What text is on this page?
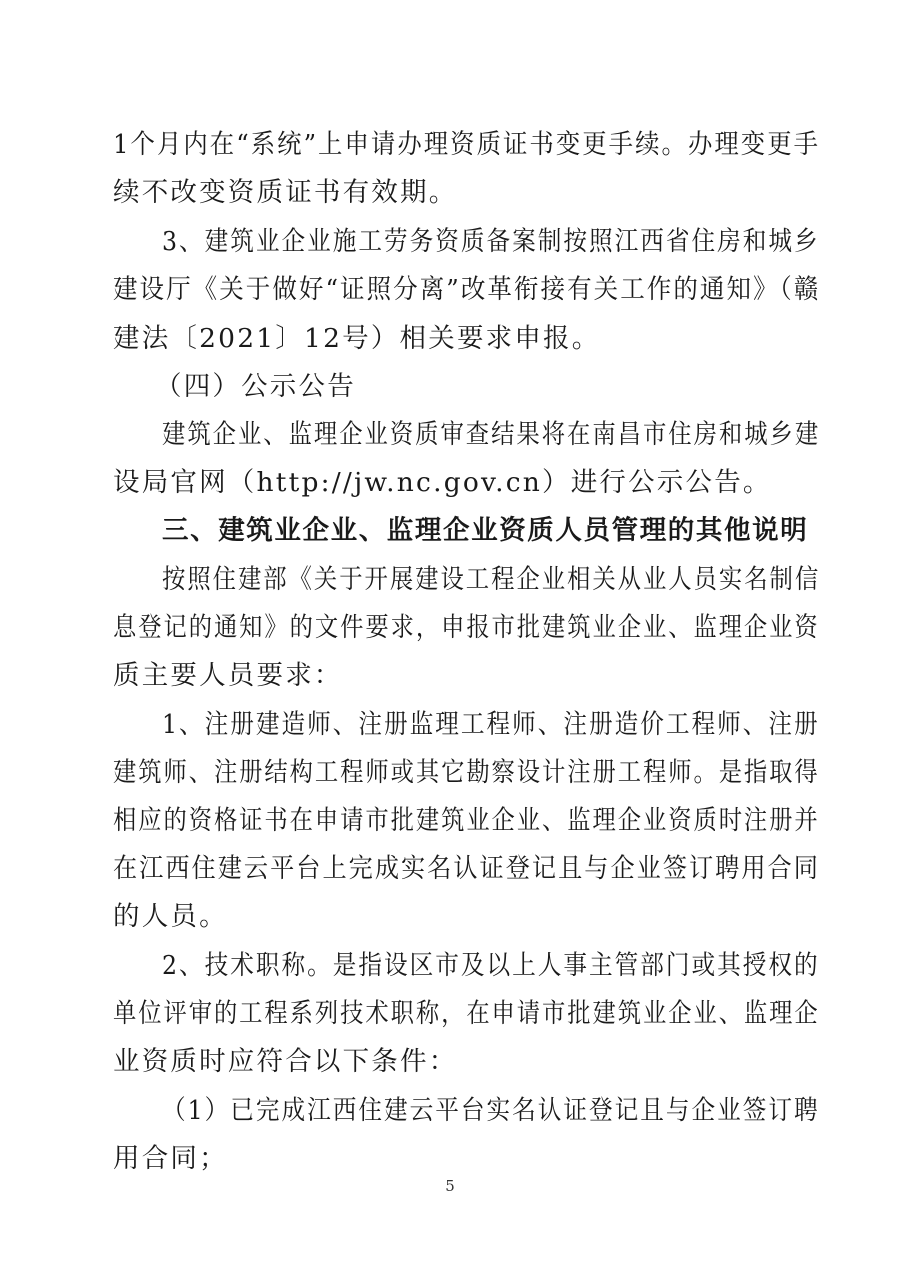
1个月内在“系统”上申请办理资质证书变更手续。办理变更手
续不改变资质证书有效期。
3、建筑业企业施工劳务资质备案制按照江西省住房和城乡
建设厅《关于做好“证照分离”改革衔接有关工作的通知》（赣
建法〔2021〕12号）相关要求申报。
（四）公示公告
建筑企业、监理企业资质审查结果将在南昌市住房和城乡建
设局官网（http://jw.nc.gov.cn）进行公示公告。
三、建筑业企业、监理企业资质人员管理的其他说明
按照住建部《关于开展建设工程企业相关从业人员实名制信
息登记的通知》的文件要求，申报市批建筑业企业、监理企业资
质主要人员要求：
1、注册建造师、注册监理工程师、注册造价工程师、注册
建筑师、注册结构工程师或其它勘察设计注册工程师。是指取得
相应的资格证书在申请市批建筑业企业、监理企业资质时注册并
在江西住建云平台上完成实名认证登记且与企业签订聘用合同
的人员。
2、技术职称。是指设区市及以上人事主管部门或其授权的
单位评审的工程系列技术职称，在申请市批建筑业企业、监理企
业资质时应符合以下条件：
（1）已完成江西住建云平台实名认证登记且与企业签订聘
用合同；
5
